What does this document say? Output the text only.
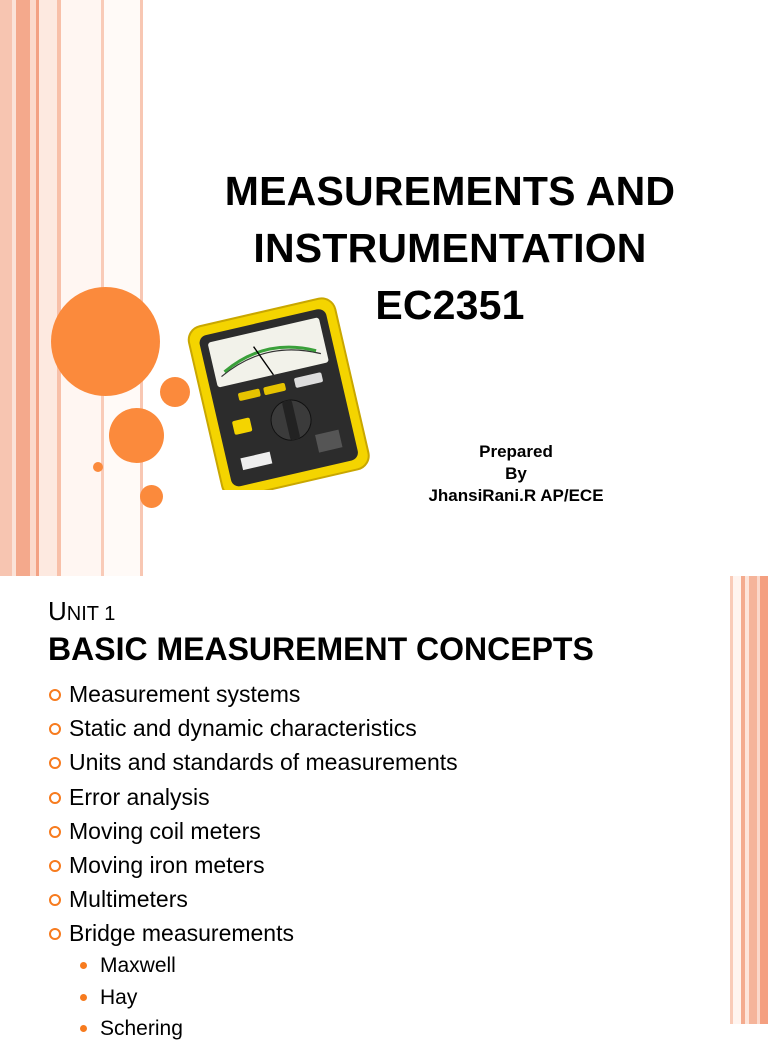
MEASUREMENTS AND
INSTRUMENTATION
EC2351
Prepared
By
JhansiRani.R AP/ECE
UNIT 1
BASIC MEASUREMENT CONCEPTS
Measurement systems
Static and dynamic characteristics
Units and standards of measurements
Error analysis
Moving coil meters
Moving iron meters
Multimeters
Bridge measurements
Maxwell
Hay
Schering
